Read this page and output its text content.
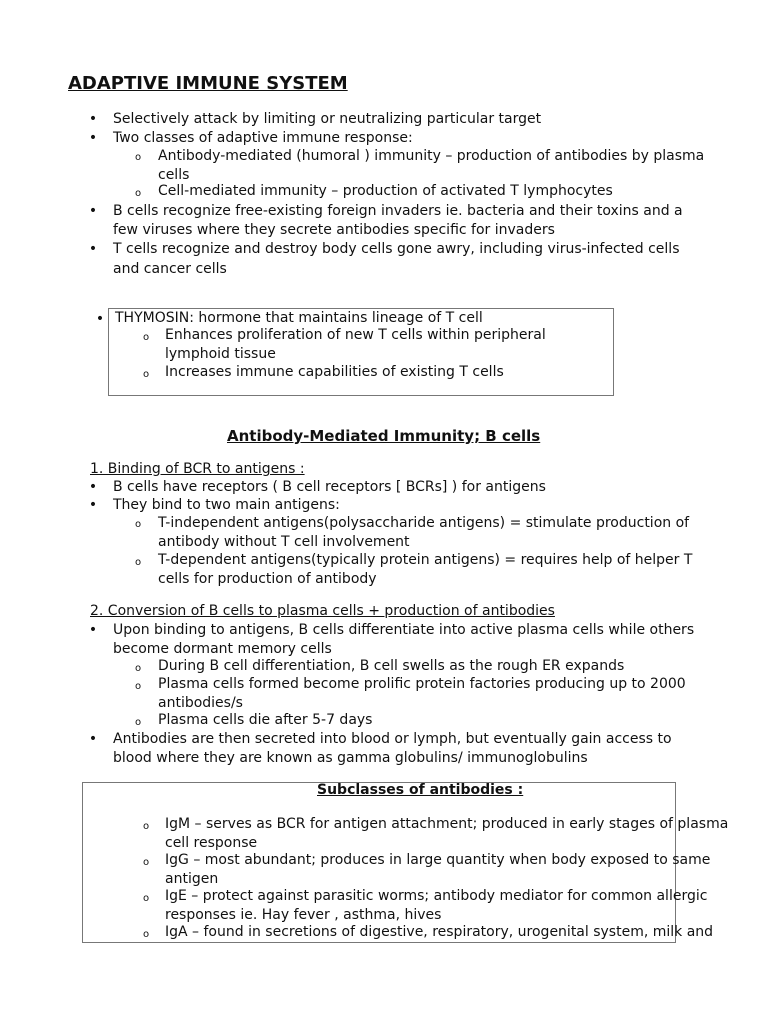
ADAPTIVE IMMUNE SYSTEM
• Selectively attack by limiting or neutralizing particular target
• Two classes of adaptive immune response:
o Antibody-mediated (humoral ) immunity – production of antibodies by plasma
cells
o Cell-mediated immunity – production of activated T lymphocytes
• B cells recognize free-existing foreign invaders ie. bacteria and their toxins and a
few viruses where they secrete antibodies specific for invaders
• T cells recognize and destroy body cells gone awry, including virus-infected cells
and cancer cells
• THYMOSIN: hormone that maintains lineage of T cell
o Enhances proliferation of new T cells within peripheral
lymphoid tissue
o Increases immune capabilities of existing T cells
Antibody-Mediated Immunity; B cells
1. Binding of BCR to antigens :
• B cells have receptors ( B cell receptors [ BCRs] ) for antigens
• They bind to two main antigens:
o T-independent antigens(polysaccharide antigens) = stimulate production of
antibody without T cell involvement
o T-dependent antigens(typically protein antigens) = requires help of helper T
cells for production of antibody
2. Conversion of B cells to plasma cells + production of antibodies
• Upon binding to antigens, B cells differentiate into active plasma cells while others
become dormant memory cells
o During B cell differentiation, B cell swells as the rough ER expands
o Plasma cells formed become prolific protein factories producing up to 2000
antibodies/s
o Plasma cells die after 5-7 days
• Antibodies are then secreted into blood or lymph, but eventually gain access to
blood where they are known as gamma globulins/ immunoglobulins
Subclasses of antibodies :
o IgM – serves as BCR for antigen attachment; produced in early stages of plasma
cell response
o IgG – most abundant; produces in large quantity when body exposed to same
antigen
o IgE – protect against parasitic worms; antibody mediator for common allergic
responses ie. Hay fever , asthma, hives
o IgA – found in secretions of digestive, respiratory, urogenital system, milk and
